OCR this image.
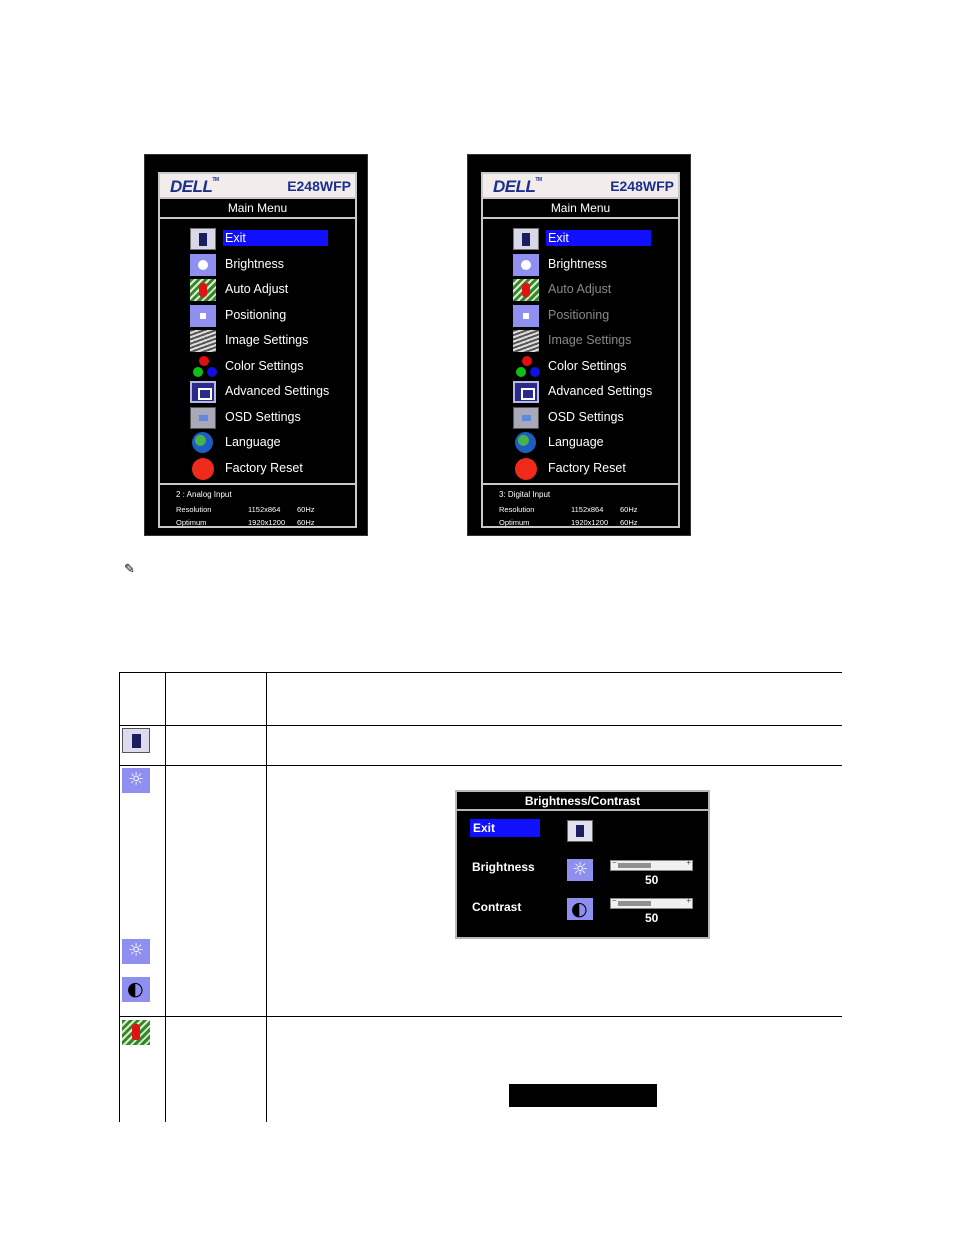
DELL™	E248WFP
Main Menu
Exit
Brightness
Auto Adjust
Positioning
Image Settings
Color Settings
Advanced Settings
OSD Settings
Language
Factory Reset
2 : Analog Input
Resolution	1152x864 60Hz
Optimum	1920x1200 60Hz
DELL™	E248WFP
Main Menu
Exit
Brightness
Auto Adjust
Positioning
Image Settings
Color Settings
Advanced Settings
OSD Settings
Language
Factory Reset
3: Digital Input
Resolution	1152x864 60Hz
Optimum	1920x1200 60Hz
✎
☼
☼
◐
Brightness/Contrast
Exit
Brightness ☼	−	+
50
Contrast ◐	−	+
50
